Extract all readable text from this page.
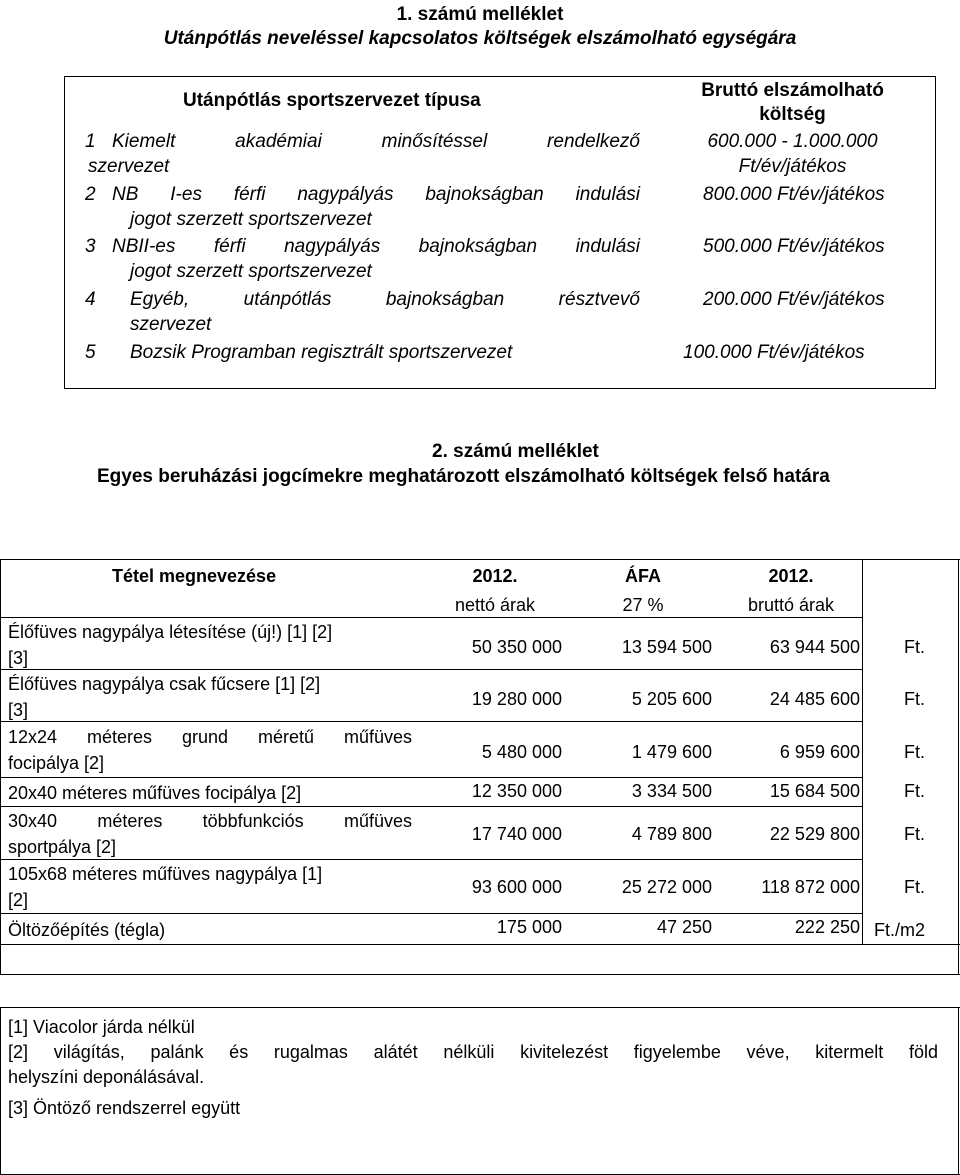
1. számú melléklet
Utánpótlás neveléssel kapcsolatos költségek elszámolható egységára
Utánpótlás sportszervezet típusa	Bruttó elszámolható
költség
1 Kiemelt akadémiai minősítéssel rendelkező
szervezet
600.000 - 1.000.000
Ft/év/játékos
2 NB I-es férfi nagypályás bajnokságban indulási
jogot szerzett sportszervezet
800.000 Ft/év/játékos
3 NBII-es férfi nagypályás bajnokságban indulási
jogot szerzett sportszervezet
500.000 Ft/év/játékos
4 Egyéb, utánpótlás bajnokságban résztvevő
szervezet
200.000 Ft/év/játékos
5 Bozsik Programban regisztrált sportszervezet	100.000 Ft/év/játékos
2. számú melléklet
Egyes beruházási jogcímekre meghatározott elszámolható költségek felső határa
Tétel megnevezése	2012.	ÁFA	2012.
nettó árak	27 %	bruttó árak
Élőfüves nagypálya létesítése (új!) [1] [2]
[3]
50 350 000	13 594 500	63 944 500 Ft.
Élőfüves nagypálya csak fűcsere [1] [2]
[3]
19 280 000	5 205 600	24 485 600 Ft.
12x24 méteres grund méretű műfüves
focipálya [2]
5 480 000	1 479 600	6 959 600 Ft.
20x40 méteres műfüves focipálya [2]	12 350 000	3 334 500	15 684 500 Ft.
30x40 méteres többfunkciós műfüves
sportpálya [2]
17 740 000	4 789 800	22 529 800 Ft.
105x68 méteres műfüves nagypálya [1]
[2]
93 600 000	25 272 000	118 872 000 Ft.
Öltözőépítés (tégla)	175 000	47 250	222 250 Ft./m2
[1] Viacolor járda nélkül
[2] világítás, palánk és rugalmas alátét nélküli kivitelezést figyelembe véve, kitermelt föld
helyszíni deponálásával.
[3] Öntöző rendszerrel együtt
